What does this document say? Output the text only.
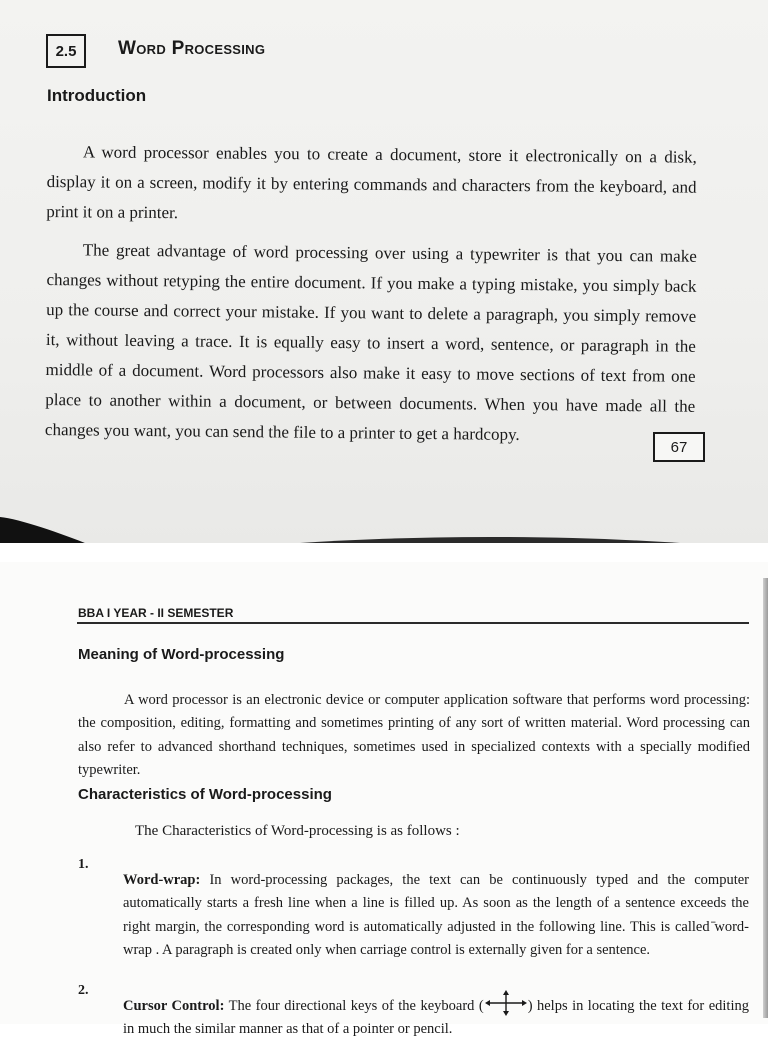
2.5 Word Processing
Introduction

A word processor enables you to create a document, store it electronically on a disk, display it on a screen, modify it by entering commands and characters from the keyboard, and print it on a printer.

The great advantage of word processing over using a typewriter is that you can make changes without retyping the entire document. If you make a typing mistake, you simply back up the course and correct your mistake. If you want to delete a paragraph, you simply remove it, without leaving a trace. It is equally easy to insert a word, sentence, or paragraph in the middle of a document. Word processors also make it easy to move sections of text from one place to another within a document, or between documents. When you have made all the changes you want, you can send the file to a printer to get a hardcopy.

67
BBA I YEAR - II SEMESTER
Meaning of Word-processing

A word processor is an electronic device or computer application software that performs word processing: the composition, editing, formatting and sometimes printing of any sort of written material. Word processing can also refer to advanced shorthand techniques, sometimes used in specialized contexts with a specially modified typewriter.

Characteristics of Word-processing
The Characteristics of Word-processing is as follows :
1.

Word-wrap: In word-processing packages, the text can be continuously typed and the computer automatically starts a fresh line when a line is filled up. As soon as the length of a sentence exceeds the right margin, the corresponding word is automatically adjusted in the following line. This is called ̄word-wrap . A paragraph is created only when carriage control is externally given for a sentence.

2.

Cursor Control: The four directional keys of the keyboard (	) helps in locating the text for editing in much the similar manner as that of a pointer or pencil.
